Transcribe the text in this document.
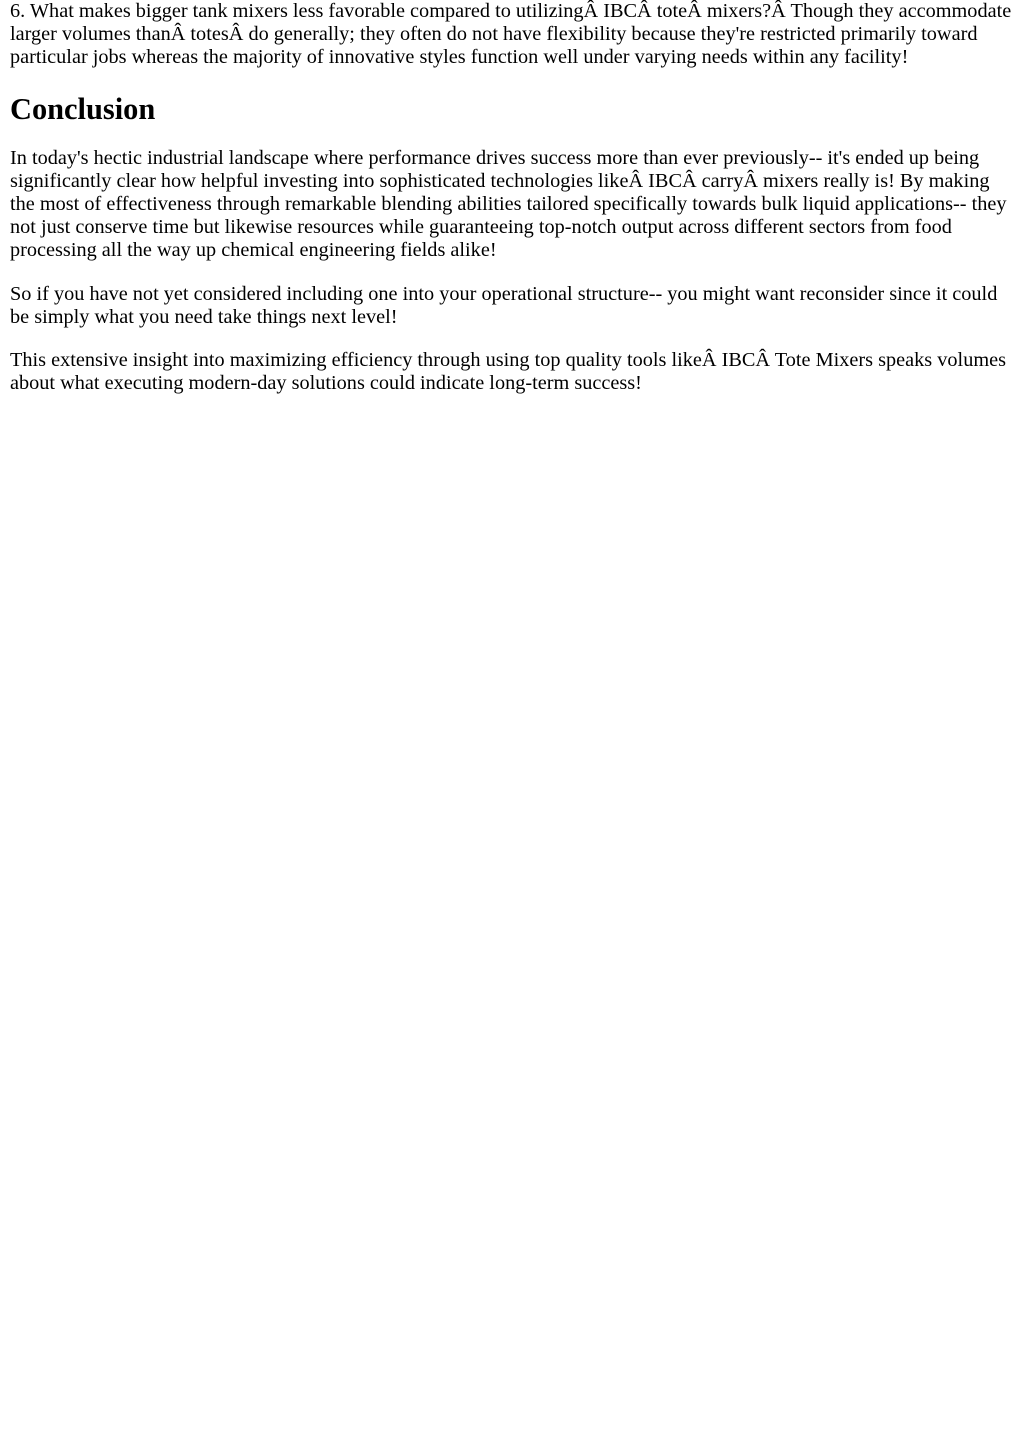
6. What makes bigger tank mixers less favorable compared to utilizingÂ IBCÂ toteÂ mixers?Â Though they accommodate larger volumes thanÂ totesÂ do generally; they often do not have flexibility because they're restricted primarily toward particular jobs whereas the majority of innovative styles function well under varying needs within any facility!

Conclusion

In today's hectic industrial landscape where performance drives success more than ever previously-- it's ended up being significantly clear how helpful investing into sophisticated technologies likeÂ IBCÂ carryÂ mixers really is! By making the most of effectiveness through remarkable blending abilities tailored specifically towards bulk liquid applications-- they not just conserve time but likewise resources while guaranteeing top-notch output across different sectors from food processing all the way up chemical engineering fields alike!

So if you have not yet considered including one into your operational structure-- you might want reconsider since it could be simply what you need take things next level!

This extensive insight into maximizing efficiency through using top quality tools likeÂ IBCÂ Tote Mixers speaks volumes about what executing modern-day solutions could indicate long-term success!
